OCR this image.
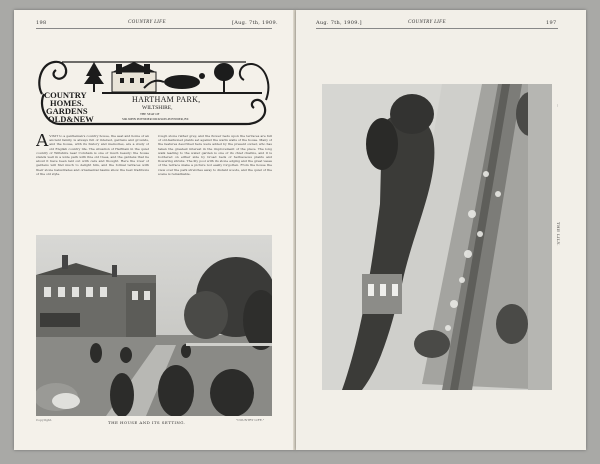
198	COUNTRY LIFE	[Aug. 7th, 1909.
COUNTRY
HOMES.
GARDENS
OLD&NEW
HARTHAM PARK,
WILTSHIRE,
THE SEAT OF
SIR JOHN POYNDER DICKSON-POYNDER, BT.
AVISIT to a gentleman's country house, the seat and home of an ancient family, is always full of interest, gardens and grounds, and the house, with its history and memories, are a study of old English country life. The situation of Hartham in the quiet country of Wiltshire near Corsham is one of much beauty; the house stands well in a wide park with fine old trees, and the gardens that lie about it have been laid out with care and thought. Here the lover of gardens will find much to delight him, and the formal terraces with their stone balustrades and ornamental basins show the best traditions of the old style.
rough stone rather grey, and the flower beds upon the terraces are full of old-fashioned plants set against the warm walls of the house. Many of the features described here were added by the present owner, who has taken the greatest interest in the improvement of the place. The long walk leading to the water garden is one of its chief charms, and it is bordered on either side by broad beds of herbaceous plants and flowering shrubs. The lily pool with its stone edging and the great vases of the terrace make a picture not easily forgotten. From the house the view over the park stretches away to distant woods, and the quiet of the scene is remarkable.
Copyright.	THE HOUSE AND ITS SETTING.	"COUNTRY LIFE."
Aug. 7th, 1909.]	COUNTRY LIFE	197
—
THE LILY.
